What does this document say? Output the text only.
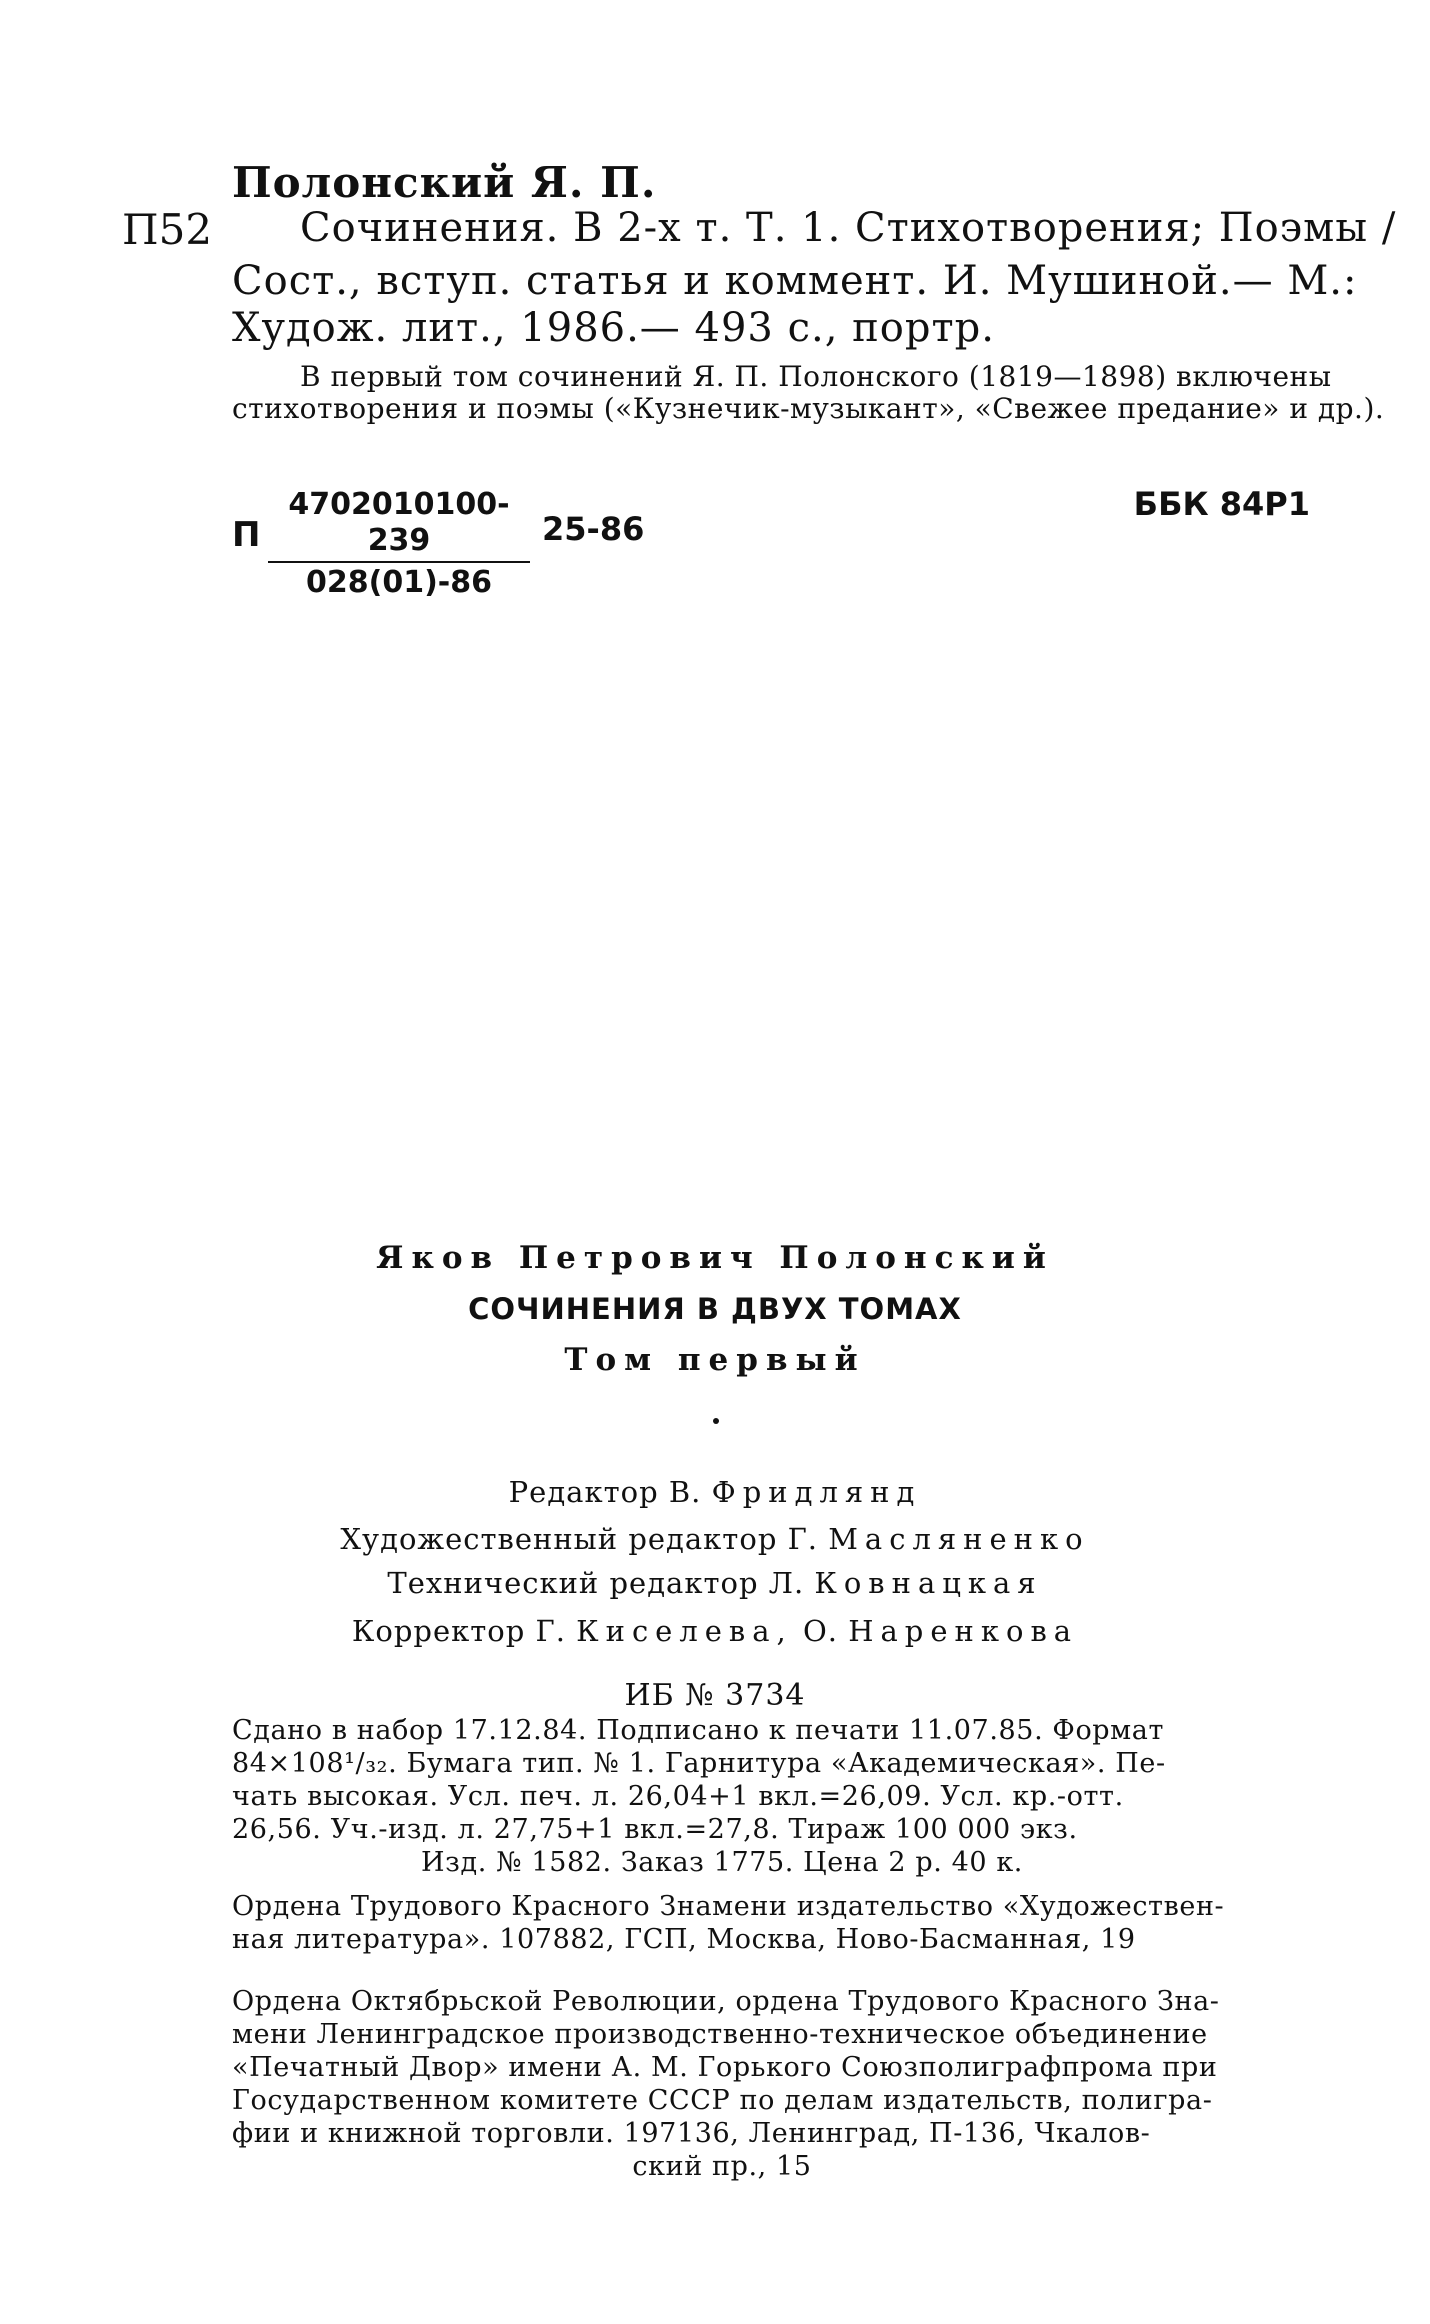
Полонский Я. П.
П52 Сочинения. В 2-х т. Т. 1. Стихотворения; Поэмы /
Сост., вступ. статья и коммент. И. Мушиной.— М.:
Худож. лит., 1986.— 493 с., портр.
В первый том сочинений Я. П. Полонского (1819—1898) включены
стихотворения и поэмы («Кузнечик-музыкант», «Свежее предание» и др.).
П
4702010100-239
028(01)-86
25-86
ББК 84Р1
Яков Петрович Полонский
СОЧИНЕНИЯ В ДВУХ ТОМАХ
Том первый
Редактор В. Фридлянд
Художественный редактор Г. Масляненко
Технический редактор Л. Ковнацкая
Корректор Г. Киселева, О. Наренкова
ИБ № 3734
Сдано в набор 17.12.84. Подписано к печати 11.07.85. Формат
84×108¹/₃₂. Бумага тип. № 1. Гарнитура «Академическая». Пе-
чать высокая. Усл. печ. л. 26,04+1 вкл.=26,09. Усл. кр.-отт.
26,56. Уч.-изд. л. 27,75+1 вкл.=27,8. Тираж 100 000 экз.
Изд. № 1582. Заказ 1775. Цена 2 р. 40 к.
Ордена Трудового Красного Знамени издательство «Художествен-
ная литература». 107882, ГСП, Москва, Ново-Басманная, 19
Ордена Октябрьской Революции, ордена Трудового Красного Зна-
мени Ленинградское производственно-техническое объединение
«Печатный Двор» имени А. М. Горького Союзполиграфпрома при
Государственном комитете СССР по делам издательств, полигра-
фии и книжной торговли. 197136, Ленинград, П-136, Чкалов-
ский пр., 15
